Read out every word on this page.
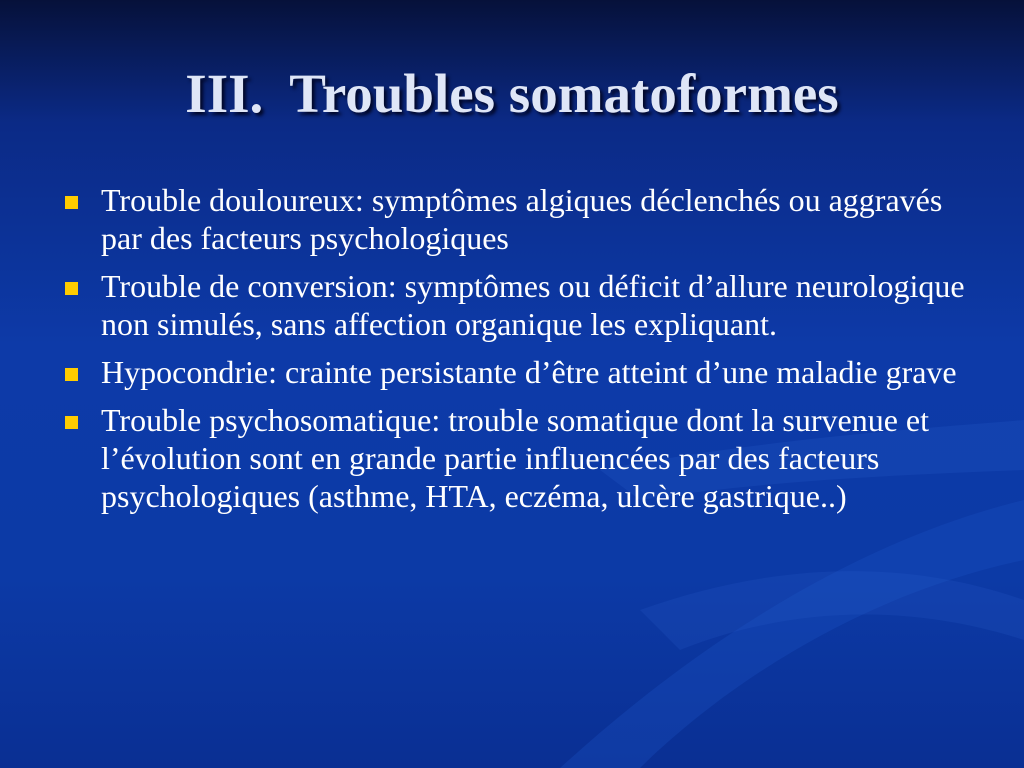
III. Troubles somatoformes
Trouble douloureux: symptômes algiques déclenchés ou aggravés par des facteurs psychologiques
Trouble de conversion: symptômes ou déficit d’allure neurologique non simulés, sans affection organique les expliquant.
Hypocondrie: crainte persistante d’être atteint d’une maladie grave
Trouble psychosomatique: trouble somatique dont la survenue et l’évolution sont en grande partie influencées par des facteurs psychologiques (asthme, HTA, eczéma, ulcère gastrique..)
